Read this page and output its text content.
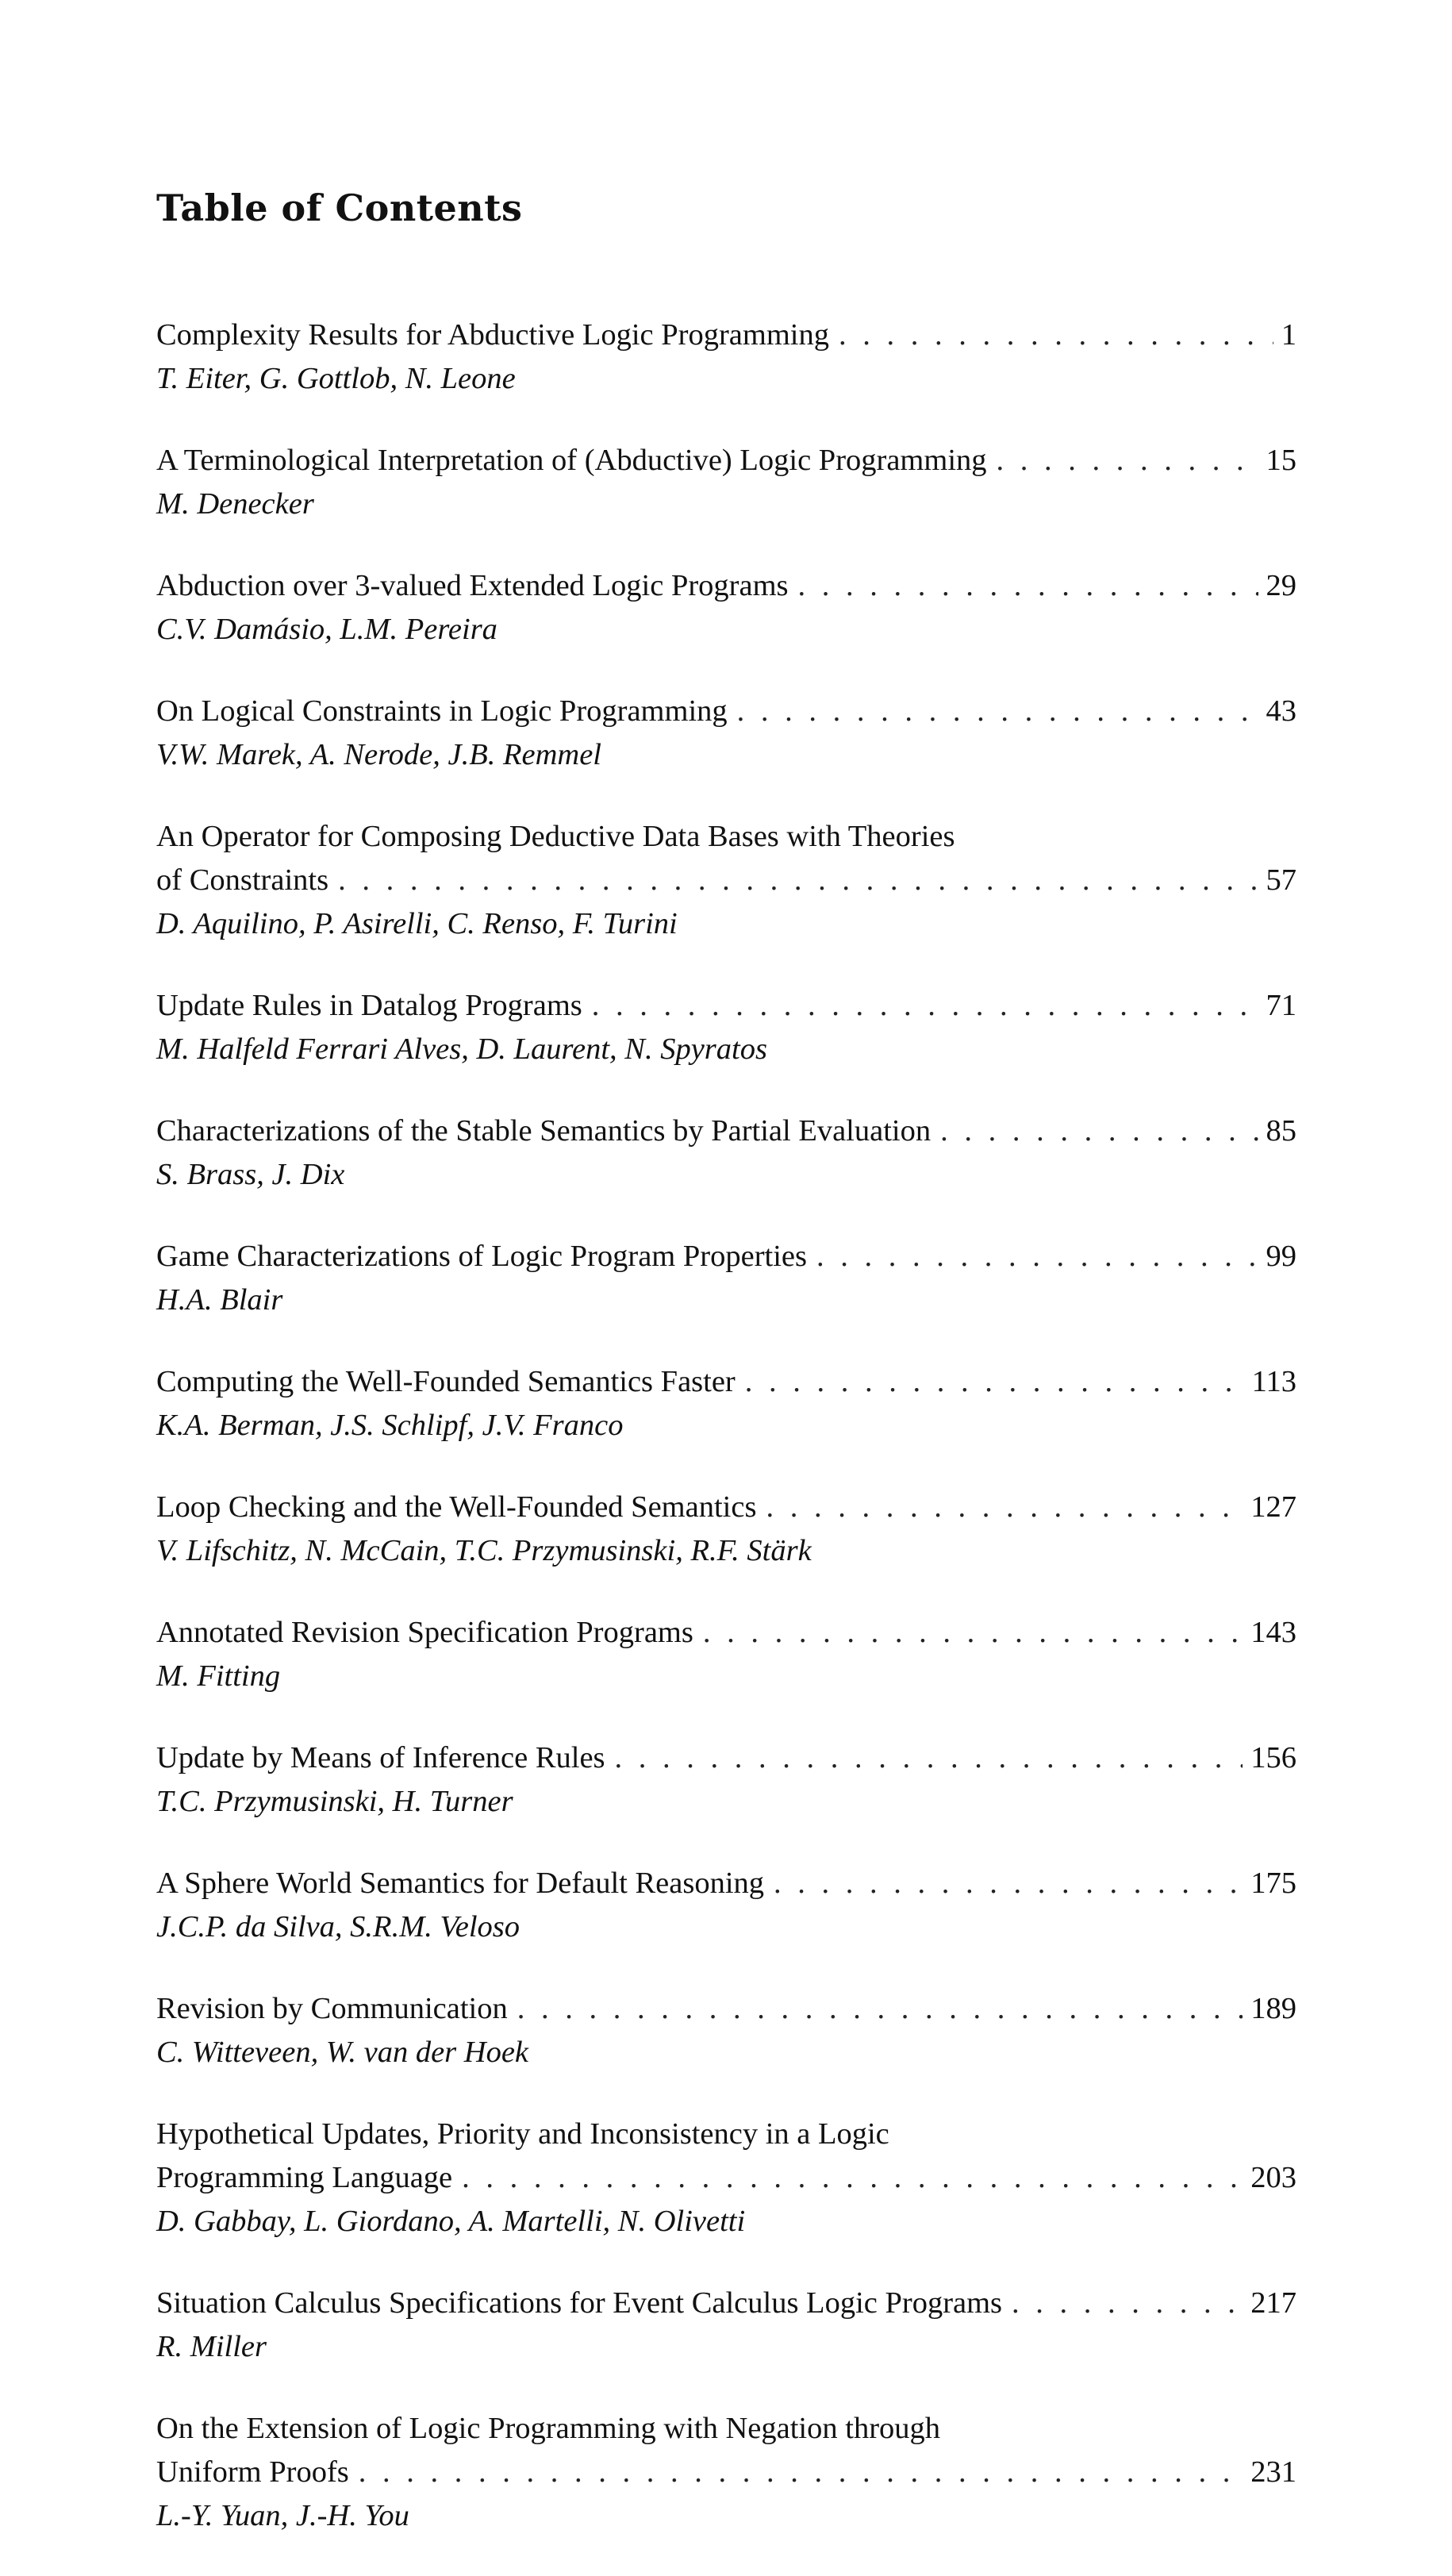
Table of Contents
Complexity Results for Abductive Logic Programming . . .	1
T. Eiter, G. Gottlob, N. Leone
A Terminological Interpretation of (Abductive) Logic Programming . . .	15
M. Denecker
Abduction over 3-valued Extended Logic Programs . . .	29
C.V. Damásio, L.M. Pereira
On Logical Constraints in Logic Programming . . .	43
V.W. Marek, A. Nerode, J.B. Remmel
An Operator for Composing Deductive Data Bases with Theories
of Constraints . . .	57
D. Aquilino, P. Asirelli, C. Renso, F. Turini
Update Rules in Datalog Programs . . .	71
M. Halfeld Ferrari Alves, D. Laurent, N. Spyratos
Characterizations of the Stable Semantics by Partial Evaluation . . .	85
S. Brass, J. Dix
Game Characterizations of Logic Program Properties . . .	99
H.A. Blair
Computing the Well-Founded Semantics Faster . . .	113
K.A. Berman, J.S. Schlipf, J.V. Franco
Loop Checking and the Well-Founded Semantics . . .	127
V. Lifschitz, N. McCain, T.C. Przymusinski, R.F. Stärk
Annotated Revision Specification Programs . . .	143
M. Fitting
Update by Means of Inference Rules . . .	156
T.C. Przymusinski, H. Turner
A Sphere World Semantics for Default Reasoning . . .	175
J.C.P. da Silva, S.R.M. Veloso
Revision by Communication . . .	189
C. Witteveen, W. van der Hoek
Hypothetical Updates, Priority and Inconsistency in a Logic
Programming Language . . .	203
D. Gabbay, L. Giordano, A. Martelli, N. Olivetti
Situation Calculus Specifications for Event Calculus Logic Programs . . .	217
R. Miller
On the Extension of Logic Programming with Negation through
Uniform Proofs . . .	231
L.-Y. Yuan, J.-H. You
